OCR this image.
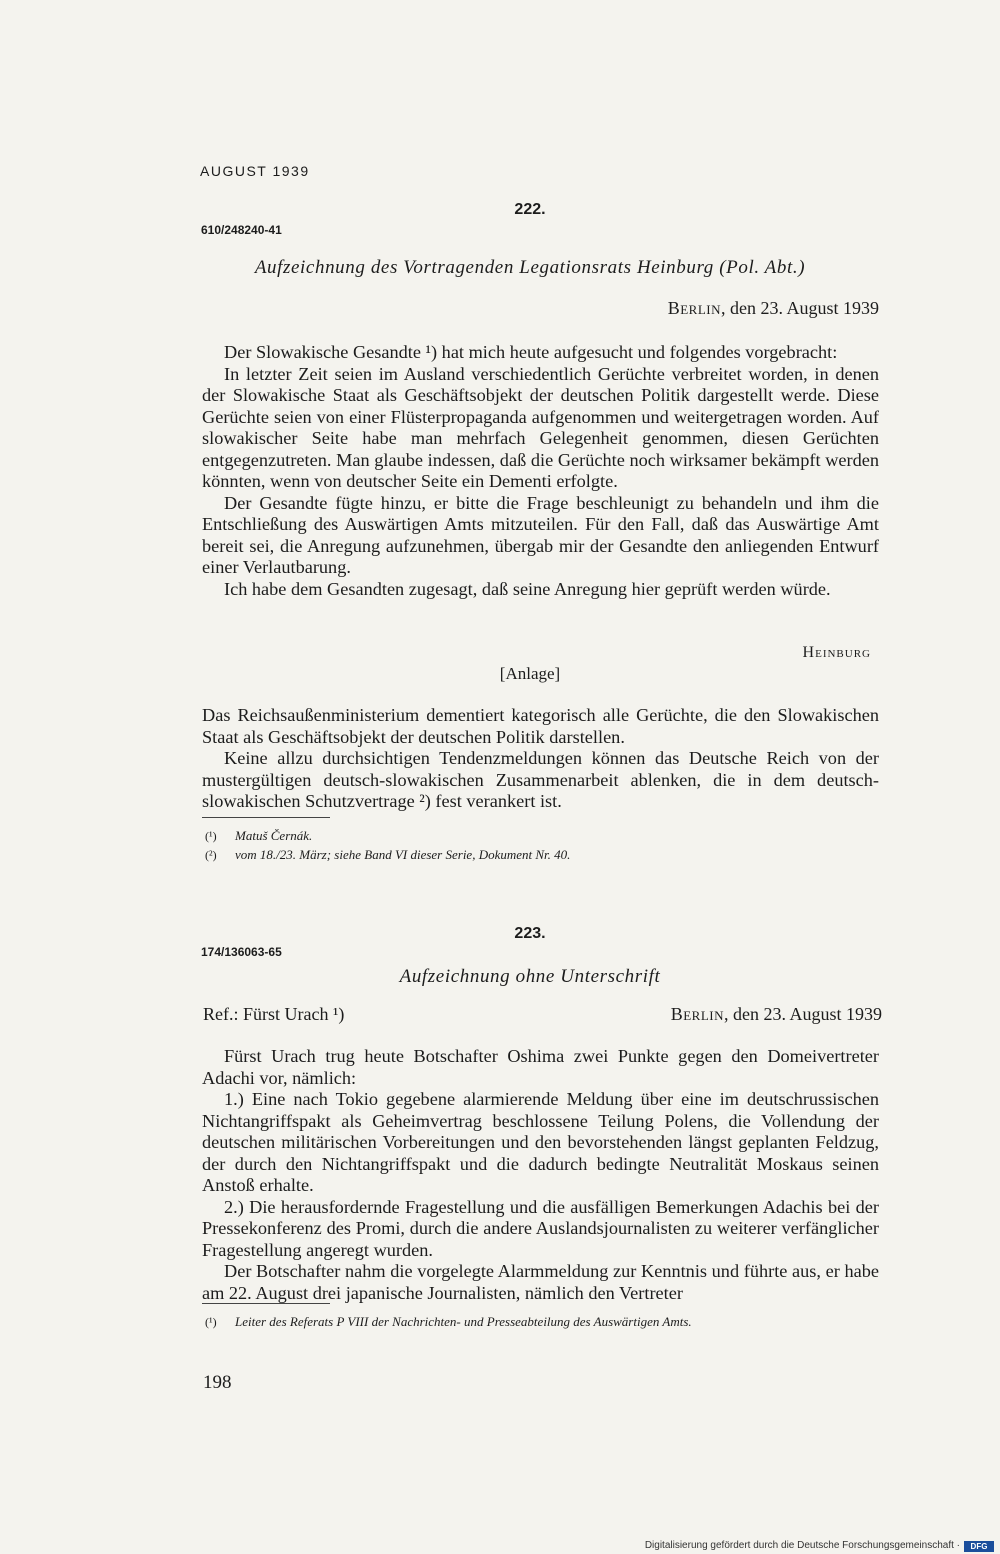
AUGUST 1939
222.
610/248240-41
Aufzeichnung des Vortragenden Legationsrats Heinburg (Pol. Abt.)
Berlin, den 23. August 1939

Der Slowakische Gesandte ¹) hat mich heute aufgesucht und folgendes vorgebracht:

In letzter Zeit seien im Ausland verschiedentlich Gerüchte verbreitet worden, in denen der Slowakische Staat als Geschäftsobjekt der deutschen Politik dargestellt werde. Diese Gerüchte seien von einer Flüsterpropaganda aufgenommen und weitergetragen worden. Auf slowakischer Seite habe man mehrfach Gelegenheit genommen, diesen Gerüchten entgegenzutreten. Man glaube indessen, daß die Gerüchte noch wirksamer bekämpft werden könnten, wenn von deutscher Seite ein Dementi erfolgte.

Der Gesandte fügte hinzu, er bitte die Frage beschleunigt zu behandeln und ihm die Entschließung des Auswärtigen Amts mitzuteilen. Für den Fall, daß das Auswärtige Amt bereit sei, die Anregung aufzunehmen, übergab mir der Gesandte den anliegenden Entwurf einer Verlautbarung.

Ich habe dem Gesandten zugesagt, daß seine Anregung hier geprüft werden würde.

Heinburg
[Anlage]

Das Reichsaußenministerium dementiert kategorisch alle Gerüchte, die den Slowakischen Staat als Geschäftsobjekt der deutschen Politik darstellen.

Keine allzu durchsichtigen Tendenzmeldungen können das Deutsche Reich von der mustergültigen deutsch-slowakischen Zusammenarbeit ablenken, die in dem deutsch-slowakischen Schutzvertrage ²) fest verankert ist.

(¹) Matuš Černák.
(²) vom 18./23. März; siehe Band VI dieser Serie, Dokument Nr. 40.
223.
174/136063-65
Aufzeichnung ohne Unterschrift
Ref.: Fürst Urach ¹)	Berlin, den 23. August 1939

Fürst Urach trug heute Botschafter Oshima zwei Punkte gegen den Domeivertreter Adachi vor, nämlich:

1.) Eine nach Tokio gegebene alarmierende Meldung über eine im deutschrussischen Nichtangriffspakt als Geheimvertrag beschlossene Teilung Polens, die Vollendung der deutschen militärischen Vorbereitungen und den bevorstehenden längst geplanten Feldzug, der durch den Nichtangriffspakt und die dadurch bedingte Neutralität Moskaus seinen Anstoß erhalte.

2.) Die herausfordernde Fragestellung und die ausfälligen Bemerkungen Adachis bei der Pressekonferenz des Promi, durch die andere Auslandsjournalisten zu weiterer verfänglicher Fragestellung angeregt wurden.

Der Botschafter nahm die vorgelegte Alarmmeldung zur Kenntnis und führte aus, er habe am 22. August drei japanische Journalisten, nämlich den Vertreter

(¹) Leiter des Referats P VIII der Nachrichten- und Presseabteilung des Auswärtigen Amts.
198
Digitalisierung gefördert durch die Deutsche Forschungsgemeinschaft ·	DFG
